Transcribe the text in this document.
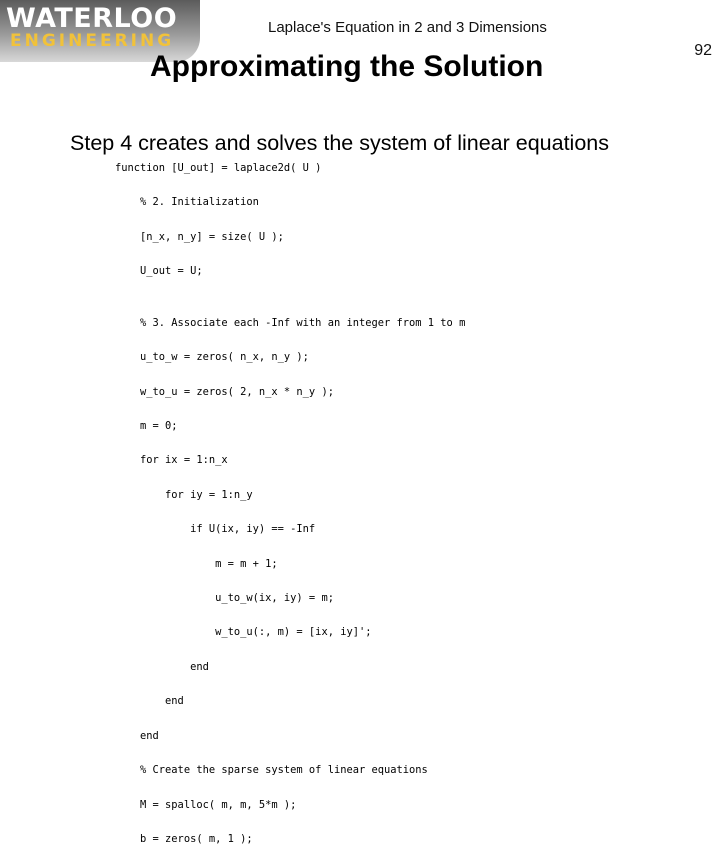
WATERLOO
ENGINEERING
Laplace's Equation in 2 and 3 Dimensions
92
Approximating the Solution
Step 4 creates and solves the system of linear equations
function [U_out] = laplace2d( U )

% 2. Initialization

[n_x, n_y] = size( U );

U_out = U;

% 3. Associate each -Inf with an integer from 1 to m

u_to_w = zeros( n_x, n_y );

w_to_u = zeros( 2, n_x * n_y );

m = 0;

for ix = 1:n_x

for iy = 1:n_y

if U(ix, iy) == -Inf

m = m + 1;

u_to_w(ix, iy) = m;

w_to_u(:, m) = [ix, iy]';

end

end

end

% Create the sparse system of linear equations

M = spalloc( m, m, 5*m );

b = zeros( m, 1 );
